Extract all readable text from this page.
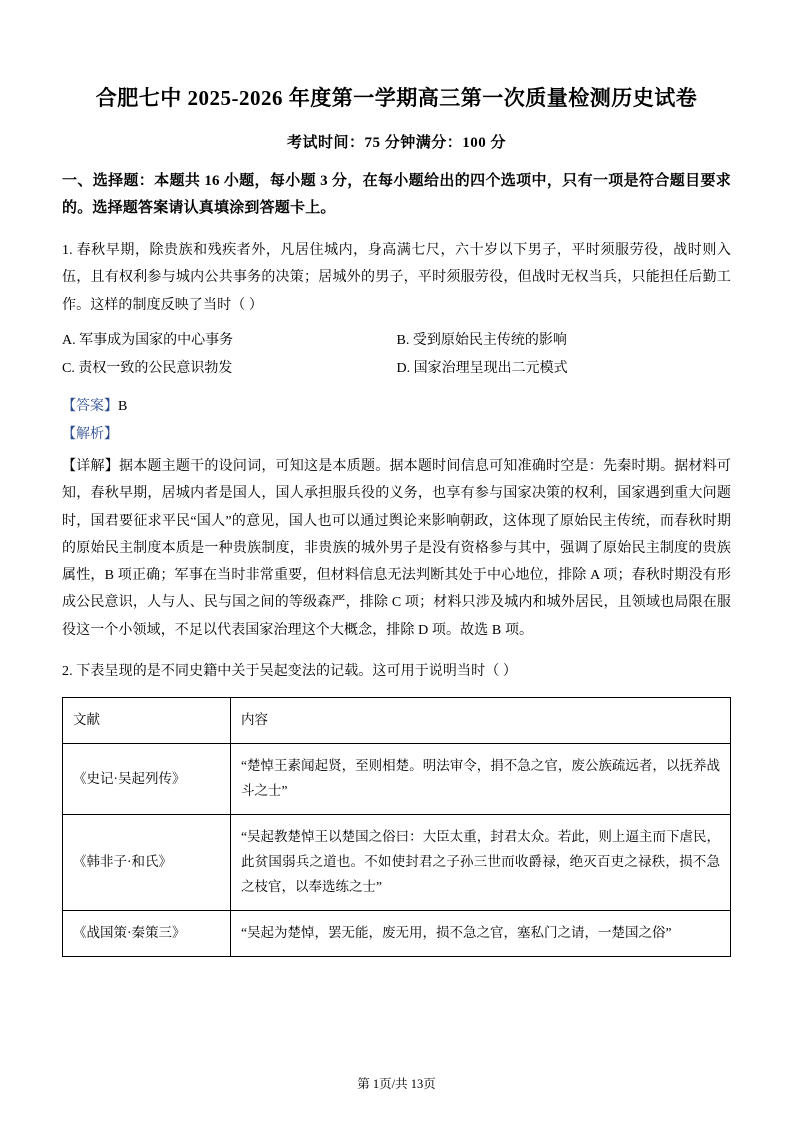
合肥七中 2025-2026 年度第一学期高三第一次质量检测历史试卷
考试时间：75 分钟满分：100 分
一、选择题：本题共 16 小题，每小题 3 分，在每小题给出的四个选项中，只有一项是符合题目要求的。选择题答案请认真填涂到答题卡上。
1. 春秋早期，除贵族和残疾者外，凡居住城内，身高满七尺，六十岁以下男子，平时须服劳役，战时则入伍，且有权利参与城内公共事务的决策；居城外的男子，平时须服劳役，但战时无权当兵，只能担任后勤工作。这样的制度反映了当时（ ）
A. 军事成为国家的中心事务	B. 受到原始民主传统的影响
C. 责权一致的公民意识勃发	D. 国家治理呈现出二元模式
【答案】B
【解析】
【详解】据本题主题干的设问词，可知这是本质题。据本题时间信息可知准确时空是：先秦时期。据材料可知，春秋早期，居城内者是国人，国人承担服兵役的义务，也享有参与国家决策的权利，国家遇到重大问题时，国君要征求平民“国人”的意见，国人也可以通过舆论来影响朝政，这体现了原始民主传统，而春秋时期的原始民主制度本质是一种贵族制度，非贵族的城外男子是没有资格参与其中，强调了原始民主制度的贵族属性，B 项正确；军事在当时非常重要，但材料信息无法判断其处于中心地位，排除 A 项；春秋时期没有形成公民意识，人与人、民与国之间的等级森严，排除 C 项；材料只涉及城内和城外居民，且领域也局限在服役这一个小领域，不足以代表国家治理这个大概念，排除 D 项。故选 B 项。
2. 下表呈现的是不同史籍中关于吴起变法的记载。这可用于说明当时（ ）
文献	内容
《史记·吴起列传》	“楚悼王素闻起贤，至则相楚。明法审令，捐不急之官，废公族疏远者，以抚养战斗之士”
《韩非子·和氏》	“吴起教楚悼王以楚国之俗曰：大臣太重，封君太众。若此，则上逼主而下虐民，此贫国弱兵之道也。不如使封君之子孙三世而收爵禄，绝灭百吏之禄秩，损不急之枝官，以奉选练之士”
《战国策·秦策三》	“吴起为楚悼，罢无能，废无用，损不急之官，塞私门之请，一楚国之俗”
第 1页/共 13页
